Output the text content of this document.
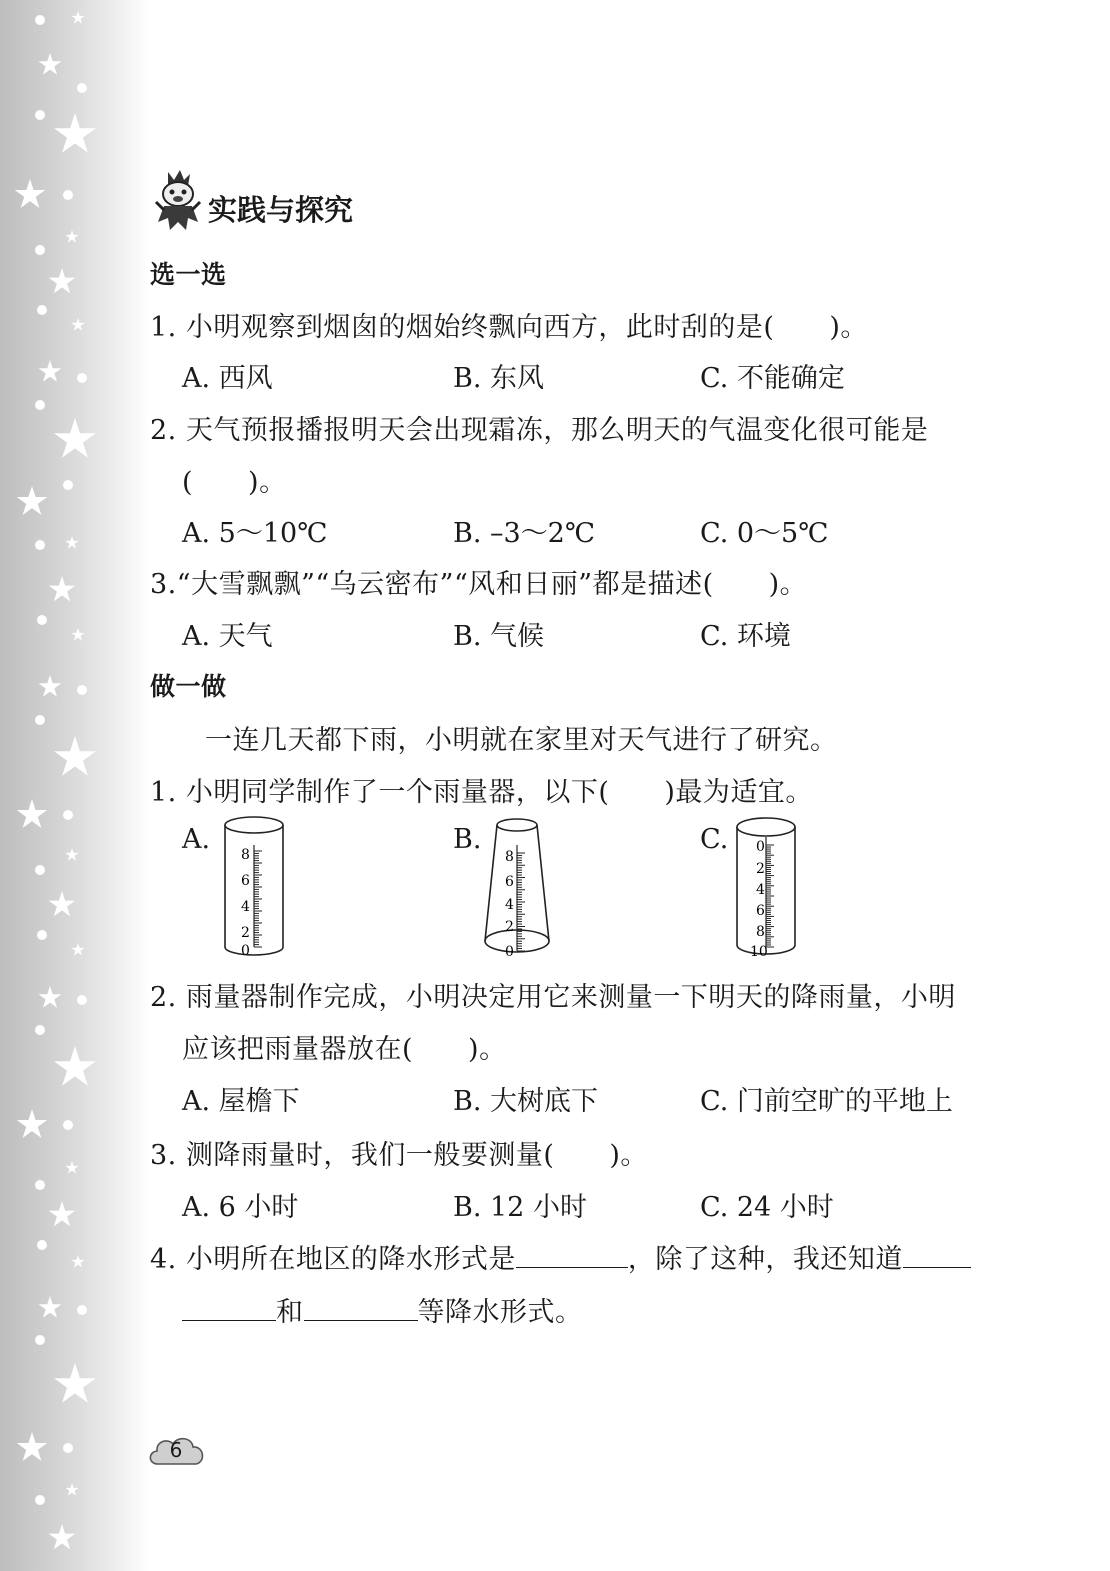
实践与探究
选一选
1. 小明观察到烟囱的烟始终飘向西方，此时刮的是(　　)。
A. 西风	B. 东风	C. 不能确定
2. 天气预报播报明天会出现霜冻，那么明天的气温变化很可能是
(　　)。
A. 5～10℃	B. –3～2℃	C. 0～5℃
3.“大雪飘飘”“乌云密布”“风和日丽”都是描述(　　)。
A. 天气	B. 气候	C. 环境
做一做
一连几天都下雨，小明就在家里对天气进行了研究。
1. 小明同学制作了一个雨量器，以下(　　)最为适宜。
A.	B.	C.
8
6
4
2
0
8
6
4
2
0
0
2
4
6
8
10
2. 雨量器制作完成，小明决定用它来测量一下明天的降雨量，小明
应该把雨量器放在(　　)。
A. 屋檐下	B. 大树底下	C. 门前空旷的平地上
3. 测降雨量时，我们一般要测量(　　)。
A. 6 小时	B. 12 小时	C. 24 小时
4. 小明所在地区的降水形式是	，除了这种，我还知道
和	等降水形式。
6
